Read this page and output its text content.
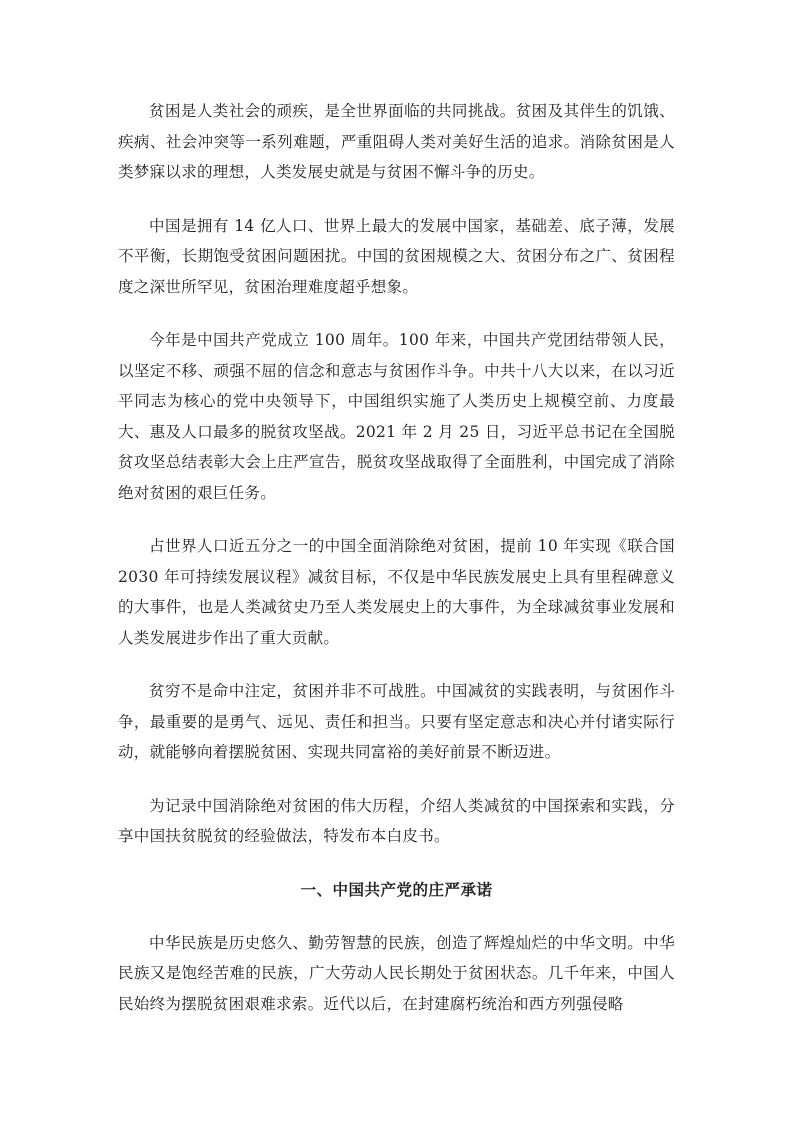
贫困是人类社会的顽疾，是全世界面临的共同挑战。贫困及其伴生的饥饿、疾病、社会冲突等一系列难题，严重阻碍人类对美好生活的追求。消除贫困是人类梦寐以求的理想，人类发展史就是与贫困不懈斗争的历史。

中国是拥有 14 亿人口、世界上最大的发展中国家，基础差、底子薄，发展不平衡，长期饱受贫困问题困扰。中国的贫困规模之大、贫困分布之广、贫困程度之深世所罕见，贫困治理难度超乎想象。

今年是中国共产党成立 100 周年。100 年来，中国共产党团结带领人民，以坚定不移、顽强不屈的信念和意志与贫困作斗争。中共十八大以来，在以习近平同志为核心的党中央领导下，中国组织实施了人类历史上规模空前、力度最大、惠及人口最多的脱贫攻坚战。2021 年 2 月 25 日，习近平总书记在全国脱贫攻坚总结表彰大会上庄严宣告，脱贫攻坚战取得了全面胜利，中国完成了消除绝对贫困的艰巨任务。

占世界人口近五分之一的中国全面消除绝对贫困，提前 10 年实现《联合国 2030 年可持续发展议程》减贫目标，不仅是中华民族发展史上具有里程碑意义的大事件，也是人类减贫史乃至人类发展史上的大事件，为全球减贫事业发展和人类发展进步作出了重大贡献。

贫穷不是命中注定，贫困并非不可战胜。中国减贫的实践表明，与贫困作斗争，最重要的是勇气、远见、责任和担当。只要有坚定意志和决心并付诸实际行动，就能够向着摆脱贫困、实现共同富裕的美好前景不断迈进。

为记录中国消除绝对贫困的伟大历程，介绍人类减贫的中国探索和实践，分享中国扶贫脱贫的经验做法，特发布本白皮书。

一、中国共产党的庄严承诺

中华民族是历史悠久、勤劳智慧的民族，创造了辉煌灿烂的中华文明。中华民族又是饱经苦难的民族，广大劳动人民长期处于贫困状态。几千年来，中国人民始终为摆脱贫困艰难求索。近代以后，在封建腐朽统治和西方列强侵略
